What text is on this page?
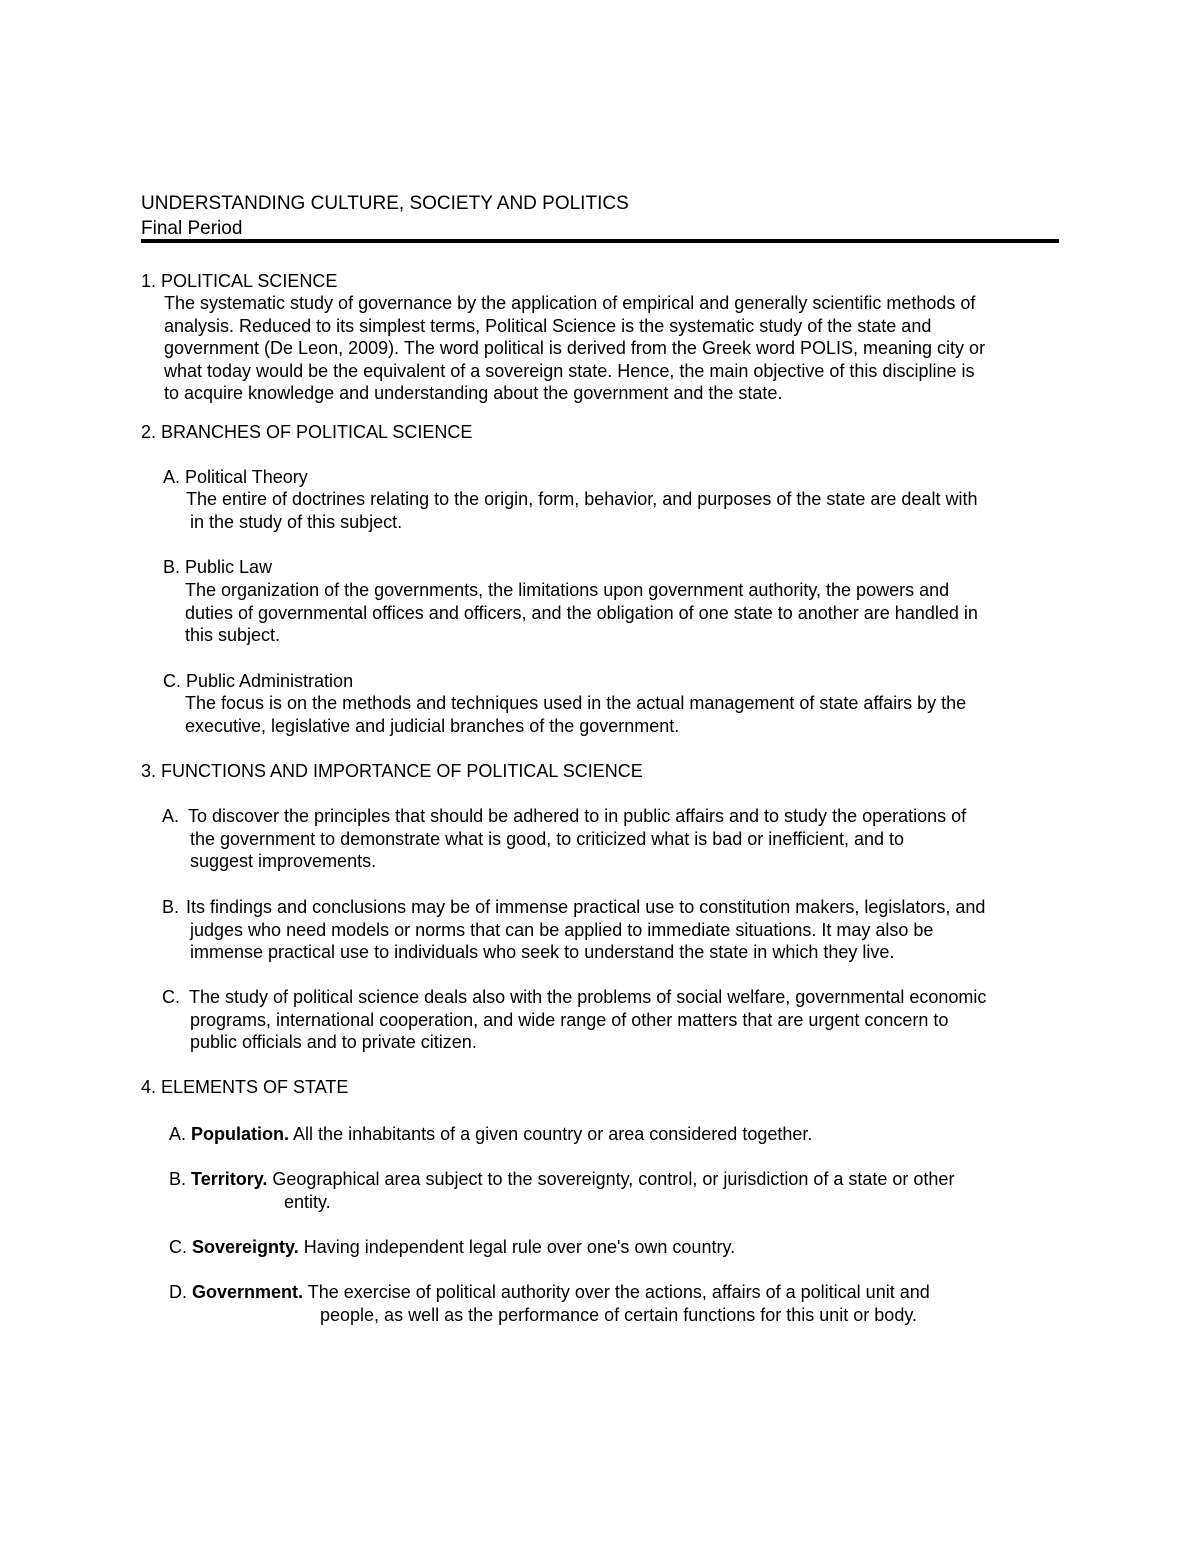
UNDERSTANDING CULTURE, SOCIETY AND POLITICS
Final Period
1. POLITICAL SCIENCE
The systematic study of governance by the application of empirical and generally scientific methods of
analysis. Reduced to its simplest terms, Political Science is the systematic study of the state and
government (De Leon, 2009). The word political is derived from the Greek word POLIS, meaning city or
what today would be the equivalent of a sovereign state. Hence, the main objective of this discipline is
to acquire knowledge and understanding about the government and the state.
2. BRANCHES OF POLITICAL SCIENCE
A. Political Theory
The entire of doctrines relating to the origin, form, behavior, and purposes of the state are dealt with
in the study of this subject.
B. Public Law
The organization of the governments, the limitations upon government authority, the powers and
duties of governmental offices and officers, and the obligation of one state to another are handled in
this subject.
C. Public Administration
The focus is on the methods and techniques used in the actual management of state affairs by the
executive, legislative and judicial branches of the government.
3. FUNCTIONS AND IMPORTANCE OF POLITICAL SCIENCE
A. To discover the principles that should be adhered to in public affairs and to study the operations of
the government to demonstrate what is good, to criticized what is bad or inefficient, and to
suggest improvements.
B. Its findings and conclusions may be of immense practical use to constitution makers, legislators, and
judges who need models or norms that can be applied to immediate situations. It may also be
immense practical use to individuals who seek to understand the state in which they live.
C. The study of political science deals also with the problems of social welfare, governmental economic
programs, international cooperation, and wide range of other matters that are urgent concern to
public officials and to private citizen.
4. ELEMENTS OF STATE
A. Population. All the inhabitants of a given country or area considered together.
B. Territory. Geographical area subject to the sovereignty, control, or jurisdiction of a state or other
entity.
C. Sovereignty. Having independent legal rule over one's own country.
D. Government. The exercise of political authority over the actions, affairs of a political unit and
people, as well as the performance of certain functions for this unit or body.
